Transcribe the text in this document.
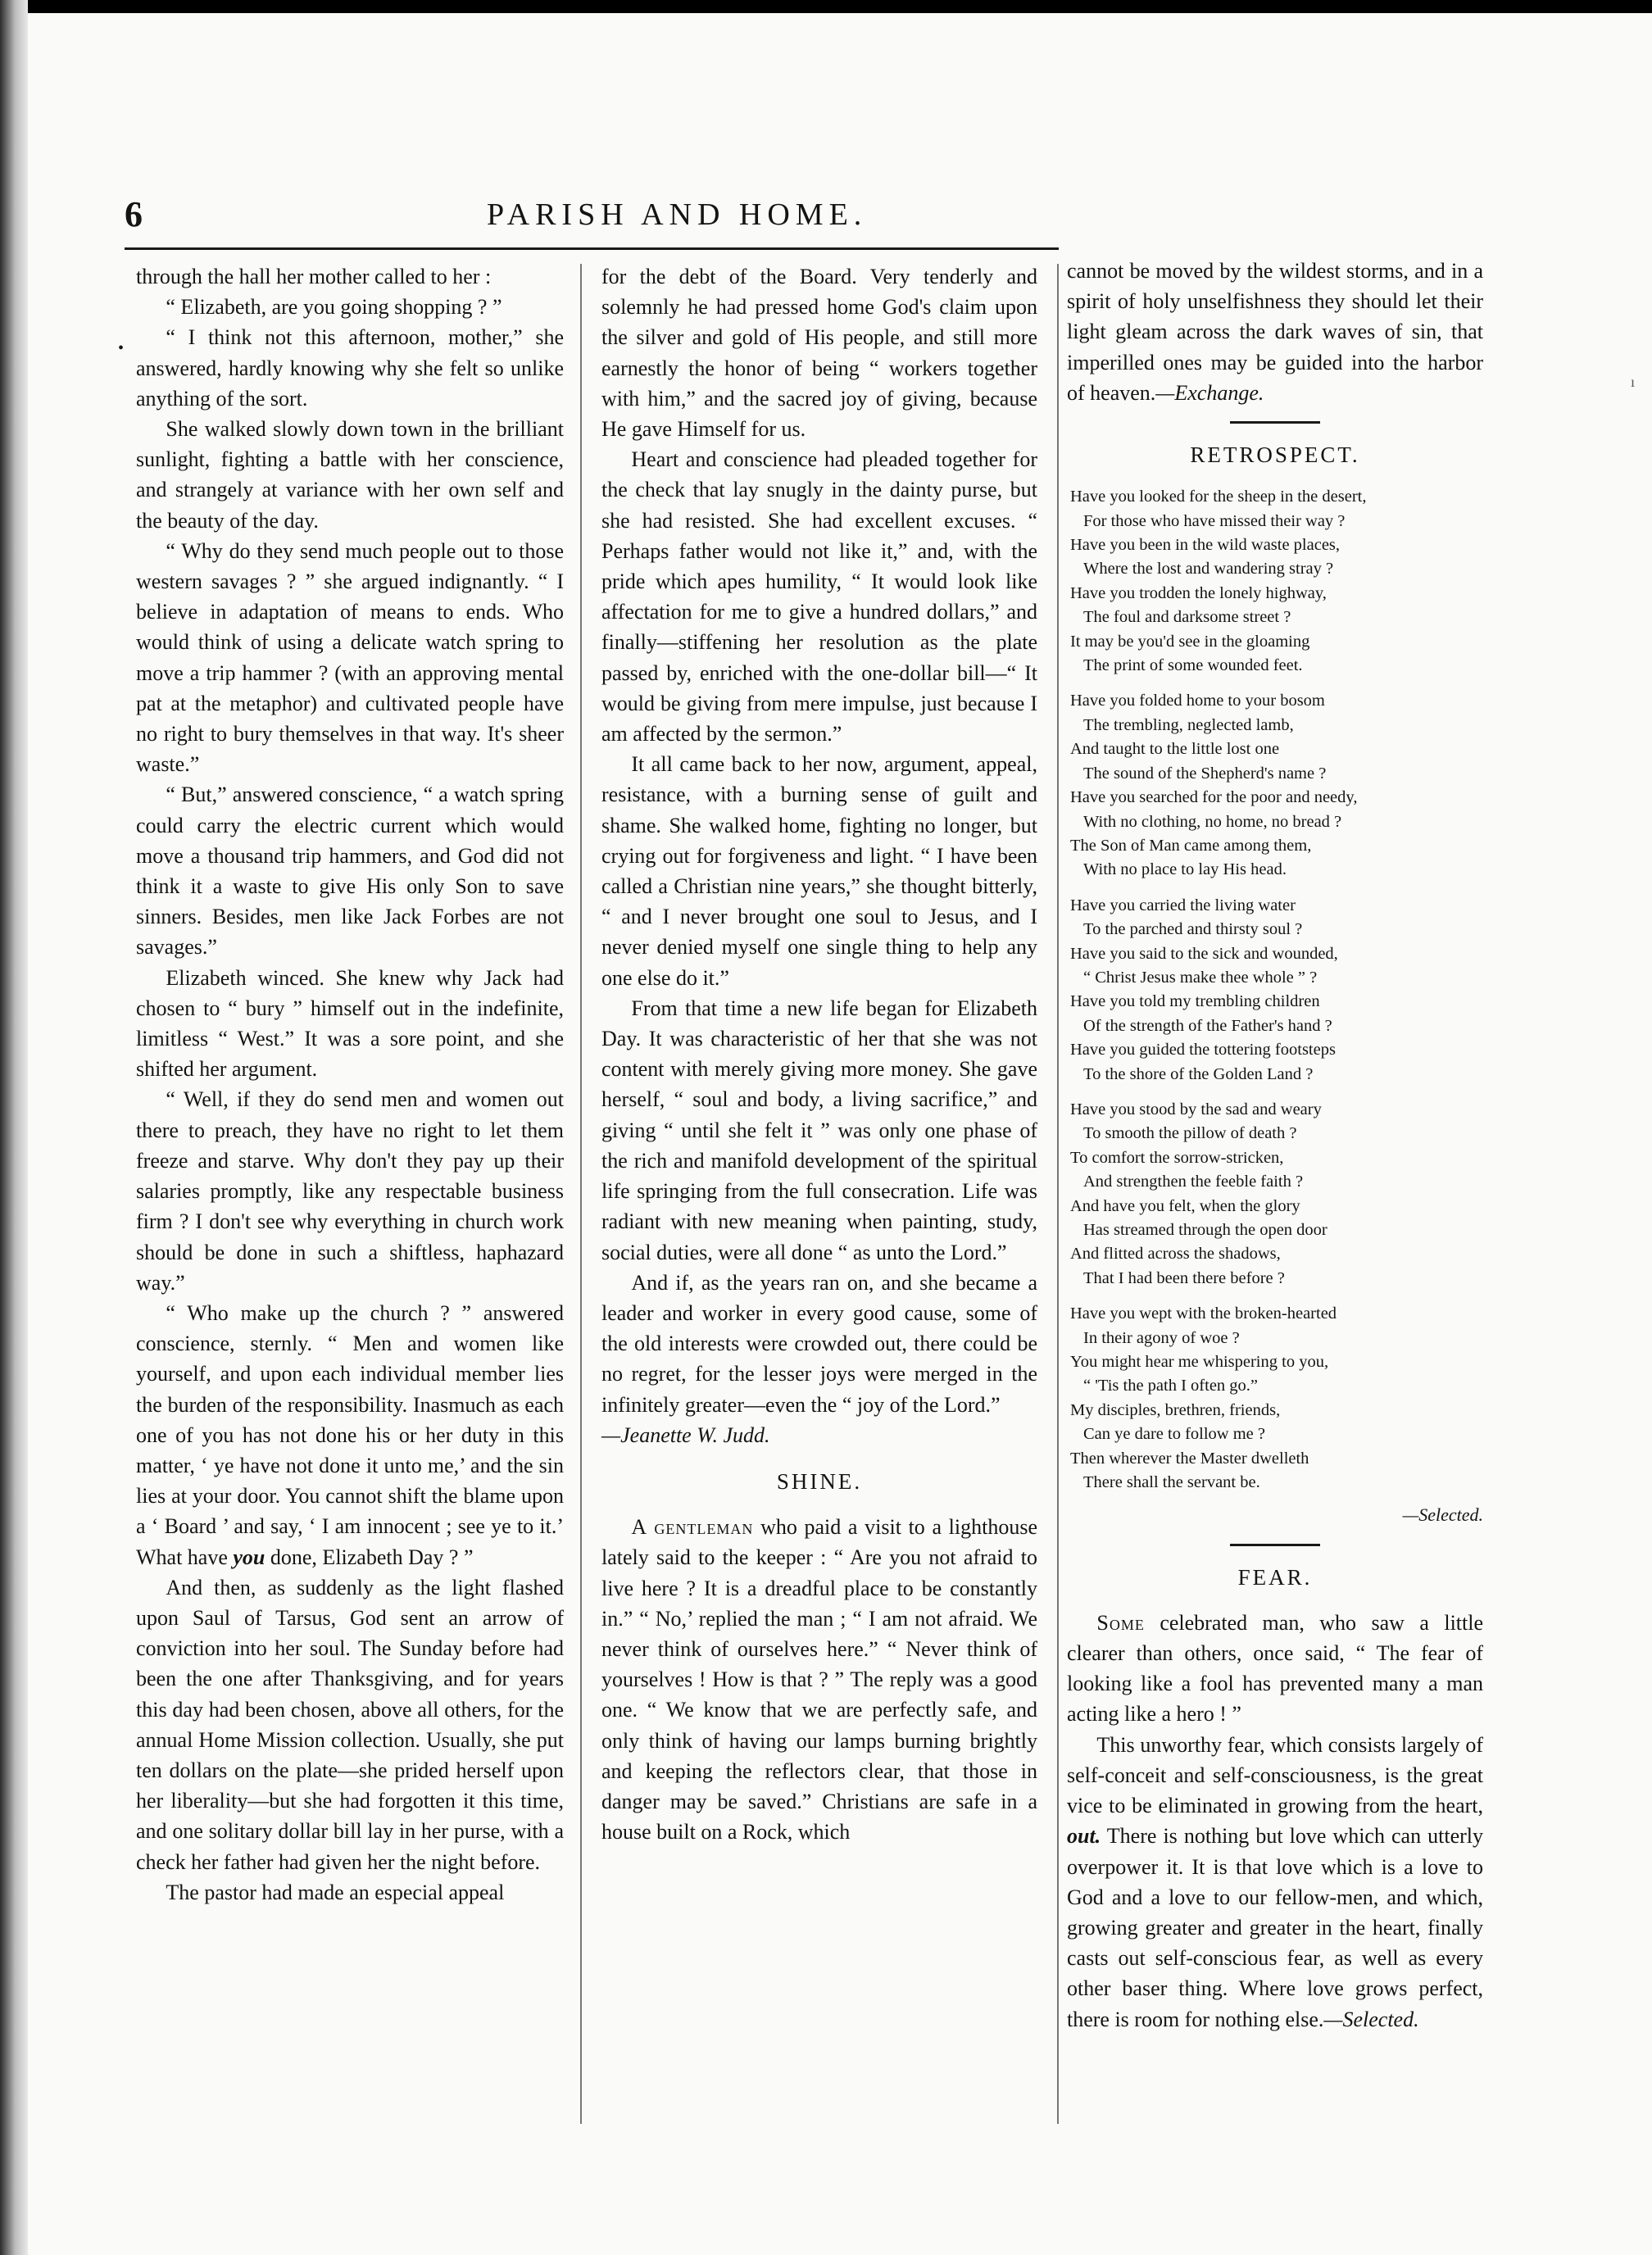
6	PARISH AND HOME.
•

through the hall her mother called to her :

“ Elizabeth, are you going shopping ? ”

“ I think not this afternoon, mother,” she answered, hardly knowing why she felt so unlike anything of the sort.

She walked slowly down town in the brilliant sunlight, fighting a battle with her conscience, and strangely at variance with her own self and the beauty of the day.

“ Why do they send much people out to those western savages ? ” she argued indignantly. “ I believe in adaptation of means to ends. Who would think of using a delicate watch spring to move a trip hammer ? (with an approving mental pat at the metaphor) and cultivated people have no right to bury themselves in that way. It's sheer waste.”

“ But,” answered conscience, “ a watch spring could carry the electric current which would move a thousand trip hammers, and God did not think it a waste to give His only Son to save sinners. Besides, men like Jack Forbes are not savages.”

Elizabeth winced. She knew why Jack had chosen to “ bury ” himself out in the indefinite, limitless “ West.” It was a sore point, and she shifted her argument.

“ Well, if they do send men and women out there to preach, they have no right to let them freeze and starve. Why don't they pay up their salaries promptly, like any respectable business firm ? I don't see why everything in church work should be done in such a shiftless, haphazard way.”

“ Who make up the church ? ” answered conscience, sternly. “ Men and women like yourself, and upon each individual member lies the burden of the responsibility. Inasmuch as each one of you has not done his or her duty in this matter, ‘ ye have not done it unto me,’ and the sin lies at your door. You cannot shift the blame upon a ‘ Board ’ and say, ‘ I am innocent ; see ye to it.’ What have you done, Elizabeth Day ? ”

And then, as suddenly as the light flashed upon Saul of Tarsus, God sent an arrow of conviction into her soul. The Sunday before had been the one after Thanksgiving, and for years this day had been chosen, above all others, for the annual Home Mission collection. Usually, she put ten dollars on the plate—she prided herself upon her liberality—but she had forgotten it this time, and one solitary dollar bill lay in her purse, with a check her father had given her the night before.

The pastor had made an especial appeal

for the debt of the Board. Very tenderly and solemnly he had pressed home God's claim upon the silver and gold of His people, and still more earnestly the honor of being “ workers together with him,” and the sacred joy of giving, because He gave Himself for us.

Heart and conscience had pleaded together for the check that lay snugly in the dainty purse, but she had resisted. She had excellent excuses. “ Perhaps father would not like it,” and, with the pride which apes humility, “ It would look like affectation for me to give a hundred dollars,” and finally—stiffening her resolution as the plate passed by, enriched with the one-dollar bill—“ It would be giving from mere impulse, just because I am affected by the sermon.”

It all came back to her now, argument, appeal, resistance, with a burning sense of guilt and shame. She walked home, fighting no longer, but crying out for forgiveness and light. “ I have been called a Christian nine years,” she thought bitterly, “ and I never brought one soul to Jesus, and I never denied myself one single thing to help any one else do it.”

From that time a new life began for Elizabeth Day. It was characteristic of her that she was not content with merely giving more money. She gave herself, “ soul and body, a living sacrifice,” and giving “ until she felt it ” was only one phase of the rich and manifold development of the spiritual life springing from the full consecration. Life was radiant with new meaning when painting, study, social duties, were all done “ as unto the Lord.”

And if, as the years ran on, and she became a leader and worker in every good cause, some of the old interests were crowded out, there could be no regret, for the lesser joys were merged in the infinitely greater—even the “ joy of the Lord.”

—Jeanette W. Judd.

SHINE.

A gentleman who paid a visit to a lighthouse lately said to the keeper : “ Are you not afraid to live here ? It is a dreadful place to be constantly in.” “ No,’ replied the man ; “ I am not afraid. We never think of ourselves here.” “ Never think of yourselves ! How is that ? ” The reply was a good one. “ We know that we are perfectly safe, and only think of having our lamps burning brightly and keeping the reflectors clear, that those in danger may be saved.” Christians are safe in a house built on a Rock, which

cannot be moved by the wildest storms, and in a spirit of holy unselfishness they should let their light gleam across the dark waves of sin, that imperilled ones may be guided into the harbor of heaven.—Exchange.

RETROSPECT.
Have you looked for the sheep in the desert,
For those who have missed their way ?
Have you been in the wild waste places,
Where the lost and wandering stray ?
Have you trodden the lonely highway,
The foul and darksome street ?
It may be you'd see in the gloaming
The print of some wounded feet.
Have you folded home to your bosom
The trembling, neglected lamb,
And taught to the little lost one
The sound of the Shepherd's name ?
Have you searched for the poor and needy,
With no clothing, no home, no bread ?
The Son of Man came among them,
With no place to lay His head.
Have you carried the living water
To the parched and thirsty soul ?
Have you said to the sick and wounded,
“ Christ Jesus make thee whole ” ?
Have you told my trembling children
Of the strength of the Father's hand ?
Have you guided the tottering footsteps
To the shore of the Golden Land ?
Have you stood by the sad and weary
To smooth the pillow of death ?
To comfort the sorrow-stricken,
And strengthen the feeble faith ?
And have you felt, when the glory
Has streamed through the open door
And flitted across the shadows,
That I had been there before ?
Have you wept with the broken-hearted
In their agony of woe ?
You might hear me whispering to you,
“ 'Tis the path I often go.”
My disciples, brethren, friends,
Can ye dare to follow me ?
Then wherever the Master dwelleth
There shall the servant be.
—Selected.
FEAR.

Some celebrated man, who saw a little clearer than others, once said, “ The fear of looking like a fool has prevented many a man acting like a hero ! ”

This unworthy fear, which consists largely of self-conceit and self-consciousness, is the great vice to be eliminated in growing from the heart, out. There is nothing but love which can utterly overpower it. It is that love which is a love to God and a love to our fellow-men, and which, growing greater and greater in the heart, finally casts out self-conscious fear, as well as every other baser thing. Where love grows perfect, there is room for nothing else.—Selected.

ı
